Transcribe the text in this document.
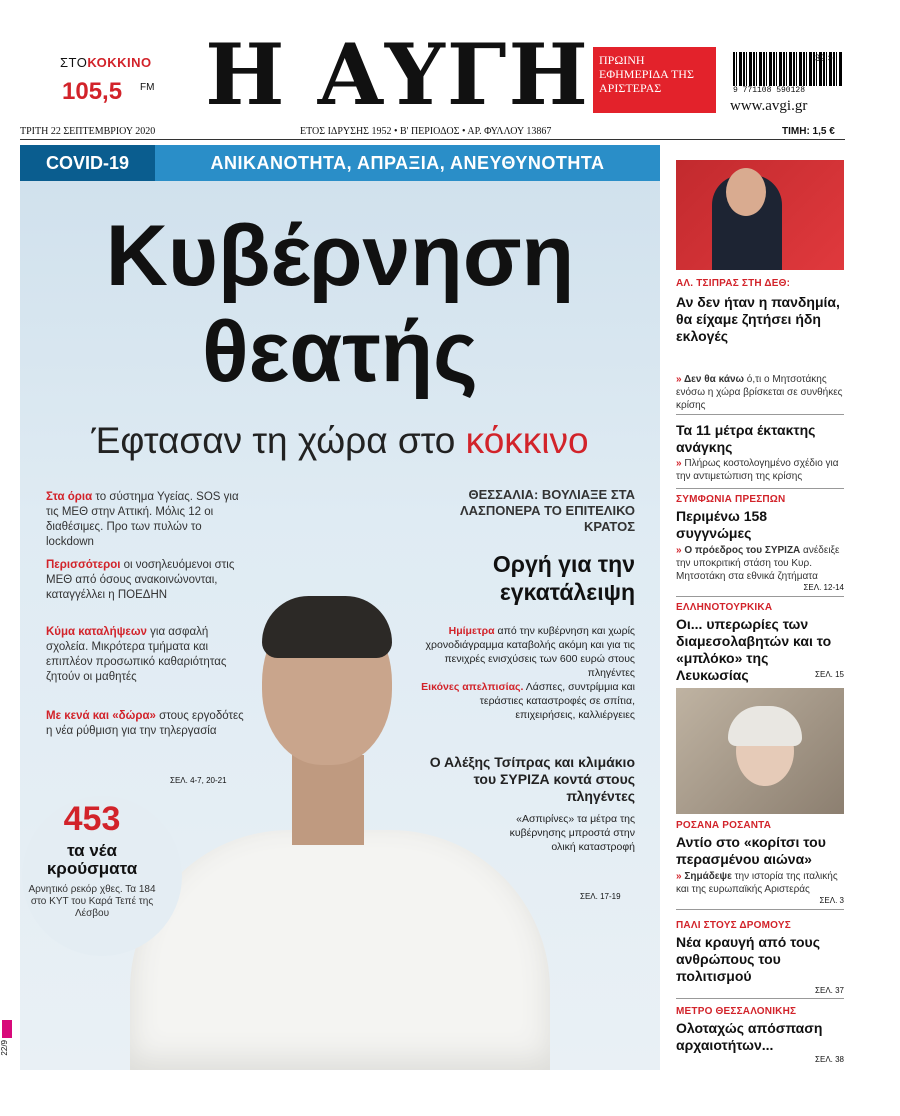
ΣΤΟΚΟΚΚΙΝΟ
105,5 FM Η ΑΥΓΗ ΠΡΩΙΝΗ ΕΦΗΜΕΡΙΔΑ ΤΗΣ ΑΡΙΣΤΕΡΑΣ	9 771108 590128
39 >
www.avgi.gr
ΤΡΙΤΗ 22 ΣΕΠΤΕΜΒΡΙΟΥ 2020	ΕΤΟΣ ΙΔΡΥΣΗΣ 1952 • Β' ΠΕΡΙΟΔΟΣ • ΑΡ. ΦΥΛΛΟΥ 13867	ΤΙΜΗ: 1,5 €
COVID-19	ΑΝΙΚΑΝΟΤΗΤΑ, ΑΠΡΑΞΙΑ, ΑΝΕΥΘΥΝΟΤΗΤΑ
Κυβέρνηση
θεατής
Έφτασαν τη χώρα στο κόκκινο
Στα όρια το σύστημα Υγείας. SOS για τις ΜΕΘ στην Αττική. Μόλις 12 οι διαθέσιμες. Προ των πυλών το lockdown
Περισσότεροι οι νοσηλευόμενοι στις ΜΕΘ από όσους ανακοινώνονται, καταγγέλλει η ΠΟΕΔΗΝ
Κύμα καταλήψεων για ασφαλή σχολεία. Μικρότερα τμήματα και επιπλέον προσωπικό καθαριότητας ζητούν οι μαθητές
Με κενά και «δώρα» στους εργοδότες η νέα ρύθμιση για την τηλεργασία
ΣΕΛ. 4-7, 20-21
ΘΕΣΣΑΛΙΑ: ΒΟΥΛΙΑΞΕ ΣΤΑ ΛΑΣΠΟΝΕΡΑ ΤΟ ΕΠΙΤΕΛΙΚΟ ΚΡΑΤΟΣ
Οργή για την εγκατάλειψη
Ημίμετρα από την κυβέρνηση και χωρίς χρονοδιάγραμμα καταβολής ακόμη και για τις πενιχρές ενισχύσεις των 600 ευρώ στους πληγέντες
Εικόνες απελπισίας. Λάσπες, συντρίμμια και τεράστιες καταστροφές σε σπίτια, επιχειρήσεις, καλλιέργειες
Ο Αλέξης Τσίπρας και κλιμάκιο του ΣΥΡΙΖΑ κοντά στους πληγέντες
«Ασπιρίνες» τα μέτρα της κυβέρνησης μπροστά στην ολική καταστροφή
ΣΕΛ. 17-19
453
τα νέα κρούσματα
Αρνητικό ρεκόρ χθες. Τα 184 στο ΚΥΤ του Καρά Τεπέ της Λέσβου
ΑΛ. ΤΣΙΠΡΑΣ ΣΤΗ ΔΕΘ:
Αν δεν ήταν η πανδημία, θα είχαμε ζητήσει ήδη εκλογές
» Δεν θα κάνω ό,τι ο Μητσοτάκης ενόσω η χώρα βρίσκεται σε συνθήκες κρίσης
Τα 11 μέτρα έκτακτης ανάγκης
» Πλήρως κοστολογημένο σχέδιο για την αντιμετώπιση της κρίσης
ΣΥΜΦΩΝΙΑ ΠΡΕΣΠΩΝ
Περιμένω 158 συγγνώμες
» Ο πρόεδρος του ΣΥΡΙΖΑ ανέδειξε την υποκριτική στάση του Κυρ. Μητσοτάκη στα εθνικά ζητήματα
ΣΕΛ. 12-14
ΕΛΛΗΝΟΤΟΥΡΚΙΚΑ
Οι... υπερωρίες των διαμεσολαβητών και το «μπλόκο» της Λευκωσίας	ΣΕΛ. 15
ΡΟΣΑΝΑ ΡΟΣΑΝΤΑ
Αντίο στο «κορίτσι του περασμένου αιώνα»
» Σημάδεψε την ιστορία της ιταλικής και της ευρωπαϊκής Αριστεράς
ΣΕΛ. 3
ΠΑΛΙ ΣΤΟΥΣ ΔΡΟΜΟΥΣ
Νέα κραυγή από τους ανθρώπους του πολιτισμού
ΣΕΛ. 37
ΜΕΤΡΟ ΘΕΣΣΑΛΟΝΙΚΗΣ
Ολοταχώς απόσπαση αρχαιοτήτων...
ΣΕΛ. 38
22/9
